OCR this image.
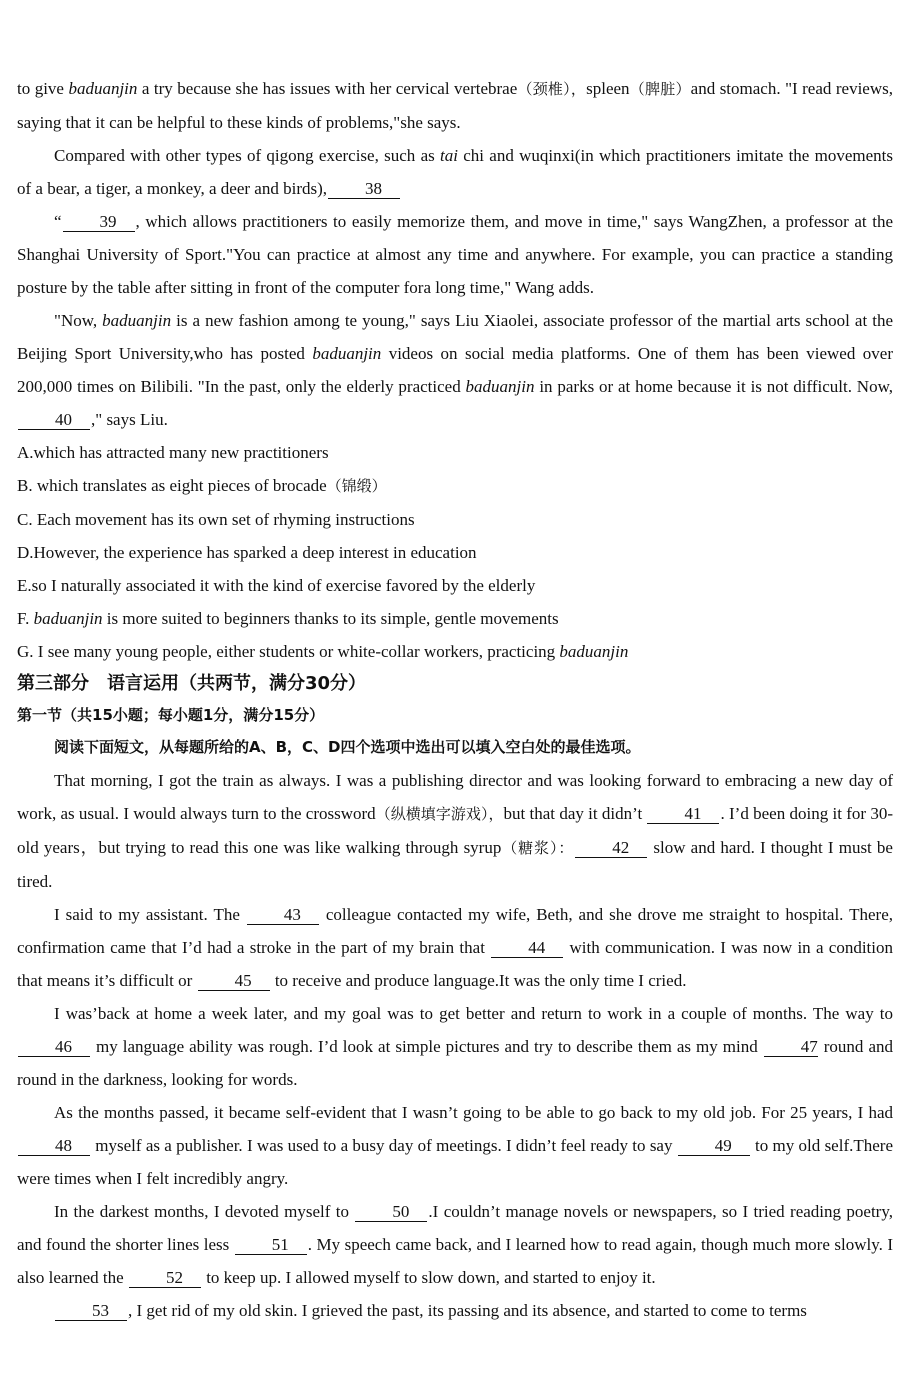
to give baduanjin a try because she has issues with her cervical vertebrae（颈椎），spleen（脾脏）and stomach. "I read reviews, saying that it can be helpful to these kinds of problems,"she says.

Compared with other types of qigong exercise, such as tai chi and wuqinxi(in which practitioners imitate the movements of a bear, a tiger, a monkey, a deer and birds), 38

“ 39 , which allows practitioners to easily memorize them, and move in time," says WangZhen, a professor at the Shanghai University of Sport."You can practice at almost any time and anywhere. For example, you can practice a standing posture by the table after sitting in front of the computer fora long time," Wang adds.

"Now, baduanjin is a new fashion among te young," says Liu Xiaolei, associate professor of the martial arts school at the Beijing Sport University,who has posted baduanjin videos on social media platforms. One of them has been viewed over 200,000 times on Bilibili. "In the past, only the elderly practiced baduanjin in parks or at home because it is not difficult. Now, 40 ," says Liu.

A.which has attracted many new practitioners

B. which translates as eight pieces of brocade（锦缎）

C. Each movement has its own set of rhyming instructions

D.However, the experience has sparked a deep interest in education

E.so I naturally associated it with the kind of exercise favored by the elderly

F. baduanjin is more suited to beginners thanks to its simple, gentle movements

G. I see many young people, either students or white-collar workers, practicing baduanjin

第三部分　语言运用（共两节，满分30分）

第一节（共15小题；每小题1分，满分15分）

阅读下面短文，从每题所给的A、B，C、D四个选项中选出可以填入空白处的最佳选项。

That morning, I got the train as always. I was a publishing director and was looking forward to embracing a new day of work, as usual. I would always turn to the crossword（纵横填字游戏），but that day it didn’t 41 . I’d been doing it for 30-old years，but trying to read this one was like walking through syrup（糖浆）： 42 slow and hard. I thought I must be tired.

I said to my assistant. The 43 colleague contacted my wife, Beth, and she drove me straight to hospital. There, confirmation came that I’d had a stroke in the part of my brain that 44 with communication. I was now in a condition that means it’s difficult or 45 to receive and produce language.It was the only time I cried.

I was’back at home a week later, and my goal was to get better and return to work in a couple of months. The way to 46 my language ability was rough. I’d look at simple pictures and try to describe them as my mind 47 round and round in the darkness, looking for words.

As the months passed, it became self-evident that I wasn’t going to be able to go back to my old job. For 25 years, I had 48 myself as a publisher. I was used to a busy day of meetings. I didn’t feel ready to say 49 to my old self.There were times when I felt incredibly angry.

In the darkest months, I devoted myself to 50 .I couldn’t manage novels or newspapers, so I tried reading poetry, and found the shorter lines less 51 . My speech came back, and I learned how to read again, though much more slowly. I also learned the 52 to keep up. I allowed myself to slow down, and started to enjoy it.

53 , I get rid of my old skin. I grieved the past, its passing and its absence, and started to come to terms
